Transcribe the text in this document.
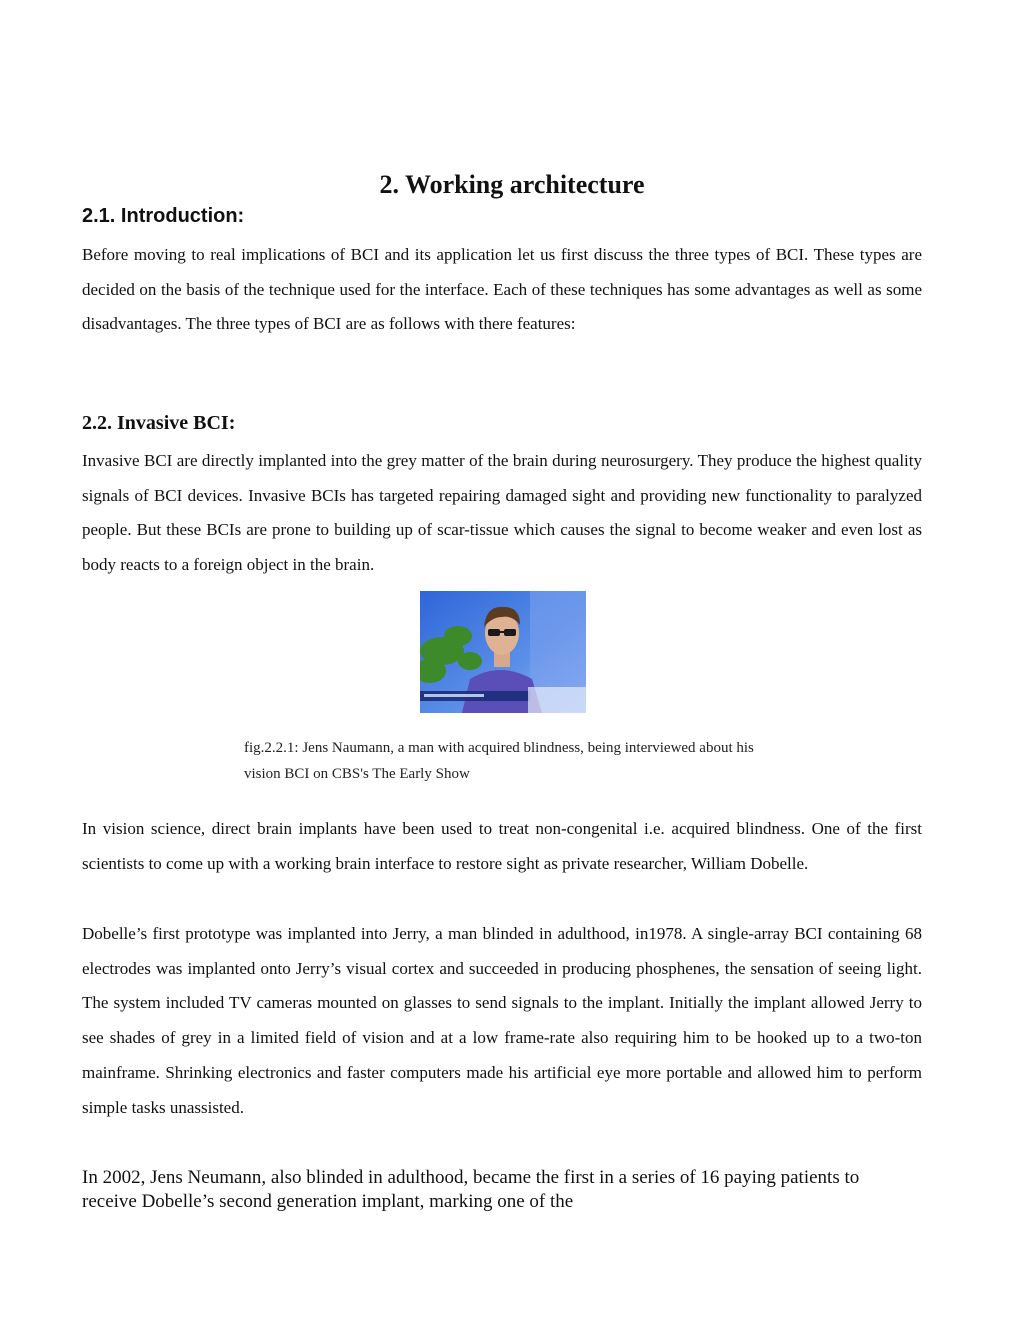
2. Working architecture
2.1. Introduction:

Before moving to real implications of BCI and its application let us first discuss the three types of BCI. These types are decided on the basis of the technique used for the interface. Each of these techniques has some advantages as well as some disadvantages. The three types of BCI are as follows with there features:

2.2. Invasive BCI:

Invasive BCI are directly implanted into the grey matter of the brain during neurosurgery. They produce the highest quality signals of BCI devices. Invasive BCIs has targeted repairing damaged sight and providing new functionality to paralyzed people. But these BCIs are prone to building up of scar-tissue which causes the signal to become weaker and even lost as body reacts to a foreign object in the brain.

fig.2.2.1: Jens Naumann, a man with acquired blindness, being interviewed about his
vision BCI on CBS's The Early Show

In vision science, direct brain implants have been used to treat non-congenital i.e. acquired blindness. One of the first scientists to come up with a working brain interface to restore sight as private researcher, William Dobelle.

Dobelle’s first prototype was implanted into Jerry, a man blinded in adulthood, in1978. A single-array BCI containing 68 electrodes was implanted onto Jerry’s visual cortex and succeeded in producing phosphenes, the sensation of seeing light. The system included TV cameras mounted on glasses to send signals to the implant. Initially the implant allowed Jerry to see shades of grey in a limited field of vision and at a low frame-rate also requiring him to be hooked up to a two-ton mainframe. Shrinking electronics and faster computers made his artificial eye more portable and allowed him to perform simple tasks unassisted.

In 2002, Jens Neumann, also blinded in adulthood, became the first in a series of 16 paying patients to receive Dobelle’s second generation implant, marking one of the
